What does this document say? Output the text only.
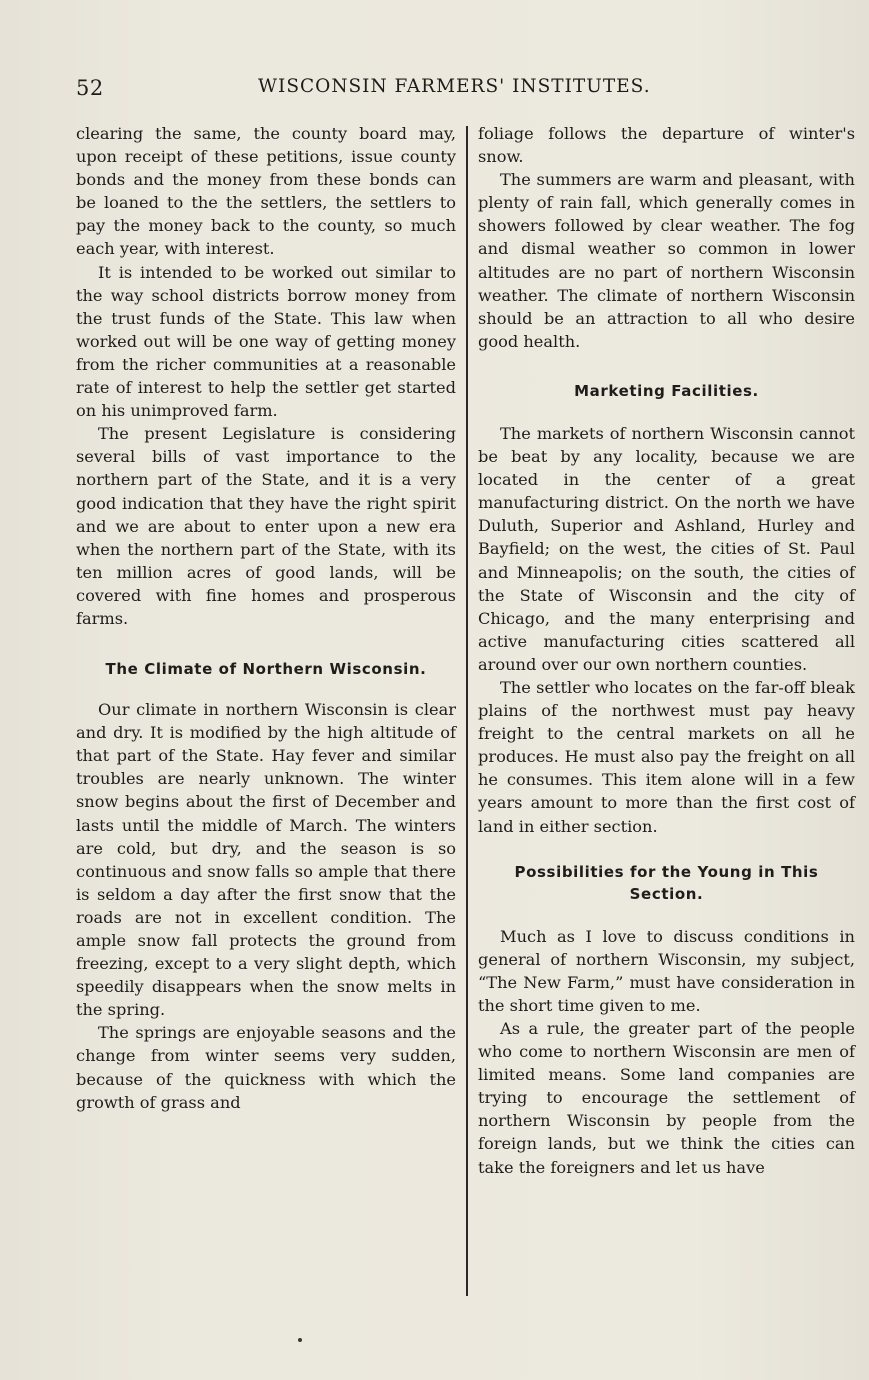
52	WISCONSIN FARMERS' INSTITUTES.

clearing the same, the county board may, upon receipt of these petitions, issue county bonds and the money from these bonds can be loaned to the the settlers, the settlers to pay the money back to the county, so much each year, with interest.

It is intended to be worked out similar to the way school districts borrow money from the trust funds of the State. This law when worked out will be one way of getting money from the richer communities at a reasonable rate of interest to help the settler get started on his unimproved farm.

The present Legislature is considering several bills of vast importance to the northern part of the State, and it is a very good indication that they have the right spirit and we are about to enter upon a new era when the northern part of the State, with its ten million acres of good lands, will be covered with fine homes and prosperous farms.

The Climate of Northern Wisconsin.

Our climate in northern Wisconsin is clear and dry. It is modified by the high altitude of that part of the State. Hay fever and similar troubles are nearly unknown. The winter snow begins about the first of December and lasts until the middle of March. The winters are cold, but dry, and the season is so continuous and snow falls so ample that there is seldom a day after the first snow that the roads are not in excellent condition. The ample snow fall protects the ground from freezing, except to a very slight depth, which speedily disappears when the snow melts in the spring.

The springs are enjoyable seasons and the change from winter seems very sudden, because of the quickness with which the growth of grass and

foliage follows the departure of winter's snow.

The summers are warm and pleasant, with plenty of rain fall, which generally comes in showers followed by clear weather. The fog and dismal weather so common in lower altitudes are no part of northern Wisconsin weather. The climate of northern Wisconsin should be an attraction to all who desire good health.

Marketing Facilities.

The markets of northern Wisconsin cannot be beat by any locality, because we are located in the center of a great manufacturing district. On the north we have Duluth, Superior and Ashland, Hurley and Bayfield; on the west, the cities of St. Paul and Minneapolis; on the south, the cities of the State of Wisconsin and the city of Chicago, and the many enterprising and active manufacturing cities scattered all around over our own northern counties.

The settler who locates on the far-off bleak plains of the northwest must pay heavy freight to the central markets on all he produces. He must also pay the freight on all he consumes. This item alone will in a few years amount to more than the first cost of land in either section.

Possibilities for the Young in This Section.

Much as I love to discuss conditions in general of northern Wisconsin, my subject, “The New Farm,” must have consideration in the short time given to me.

As a rule, the greater part of the people who come to northern Wisconsin are men of limited means. Some land companies are trying to encourage the settlement of northern Wisconsin by people from the foreign lands, but we think the cities can take the foreigners and let us have
